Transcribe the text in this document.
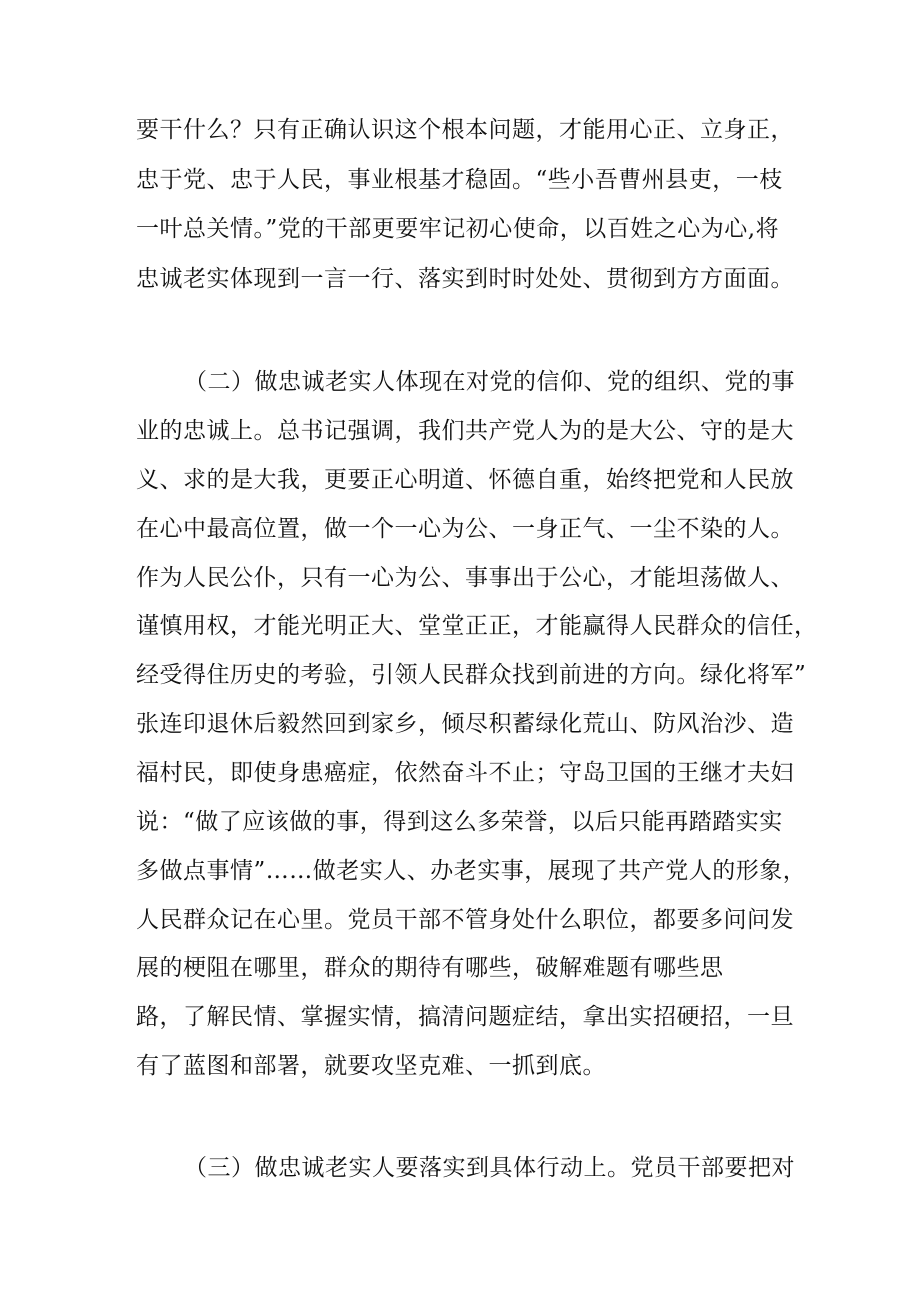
要干什么？只有正确认识这个根本问题，才能用心正、立身正，
忠于党、忠于人民，事业根基才稳固。“些小吾曹州县吏，一枝
一叶总关情。”党的干部更要牢记初心使命，以百姓之心为心,将
忠诚老实体现到一言一行、落实到时时处处、贯彻到方方面面。
（二）做忠诚老实人体现在对党的信仰、党的组织、党的事
业的忠诚上。总书记强调，我们共产党人为的是大公、守的是大
义、求的是大我，更要正心明道、怀德自重，始终把党和人民放
在心中最高位置，做一个一心为公、一身正气、一尘不染的人。
作为人民公仆，只有一心为公、事事出于公心，才能坦荡做人、
谨慎用权，才能光明正大、堂堂正正，才能赢得人民群众的信任，
经受得住历史的考验，引领人民群众找到前进的方向。绿化将军”
张连印退休后毅然回到家乡，倾尽积蓄绿化荒山、防风治沙、造
福村民，即使身患癌症，依然奋斗不止；守岛卫国的王继才夫妇
说：“做了应该做的事，得到这么多荣誉，以后只能再踏踏实实
多做点事情”……做老实人、办老实事，展现了共产党人的形象，
人民群众记在心里。党员干部不管身处什么职位，都要多问问发
展的梗阻在哪里，群众的期待有哪些，破解难题有哪些思
路，了解民情、掌握实情，搞清问题症结，拿出实招硬招，一旦
有了蓝图和部署，就要攻坚克难、一抓到底。
（三）做忠诚老实人要落实到具体行动上。党员干部要把对
